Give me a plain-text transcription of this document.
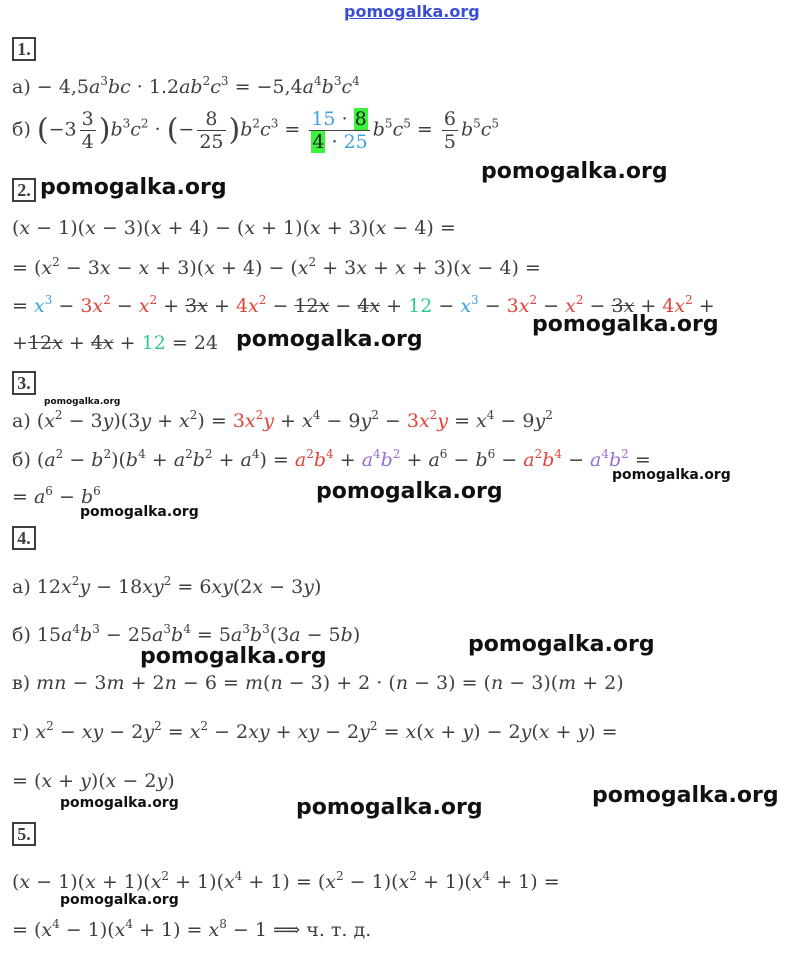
pomogalka.org
1.
$а) - 4,5a^3bc \cdot 1.2ab^2c^3 = -5,4a^4b^3c^4$
б) $(-3 \frac{3}{4} )b^3c^2$ · (− $\frac{8}{25} )b^2c^3 = \frac{15 \cdot 8}{4 \cdot 25} b^5c^5 = \frac{6}{5} b^5c^5$
pomogalka.org
2. pomogalka.org
(x − 1)(x − 3)(x + 4) − (x + 1)(x + 3)(x − 4) =
= $(x^2 - 3x - x + 3)(x + 4) - (x^2 + 3x + x + 3)(x - 4)$ =
= $x^3 - 3x^2 - x^2 + 3x + 4x^2 - 12x - 4x + 12 - x^3 - 3x^2 - x^2 - 3x + 4x^2$ +
pomogalka.org
+12x + 4x + 12 = 24 pomogalka.org
3.
pomogalka.org
а) $(x^2 - 3y)(3y + x^2) = 3x^2y + x^4 - 9y^2 - 3x^2y = x^4 - 9y^2$
б) $(a^2 - b^2)(b^4 + a^2b^2 + a^4) = a^2b^4 + a^4b^2 + a^6 - b^6 - a^2b^4 - a^4b^2$ =
pomogalka.org
= $a^6 - b^6$	pomogalka.org
pomogalka.org
4.
а) $12x^2y - 18xy^2 = 6xy(2x - 3y)$
б) $15a^4b^3 - 25a^3b^4 = 5a^3b^3(3a - 5b)$	pomogalka.org
pomogalka.org
в) mn − 3m + 2n − 6 = m(n − 3) + 2 · (n − 3) = (n − 3)(m + 2)
г) $x^2$ − xy − $2y^2 = x^2 - 2xy$ + xy − $2y^2 = x(x + y) - 2y(x + y)$ =
= (x + y)(x − 2y)
pomogalka.org
pomogalka.org	pomogalka.org
5.
$(x - 1)(x + 1)(x^2 + 1)(x^4 + 1) = (x^2 - 1)(x^2 + 1)(x^4 + 1)$ =
pomogalka.org
= $(x^4 - 1)(x^4 + 1) = x^8 - 1$ ⟹ ч. т. д.
